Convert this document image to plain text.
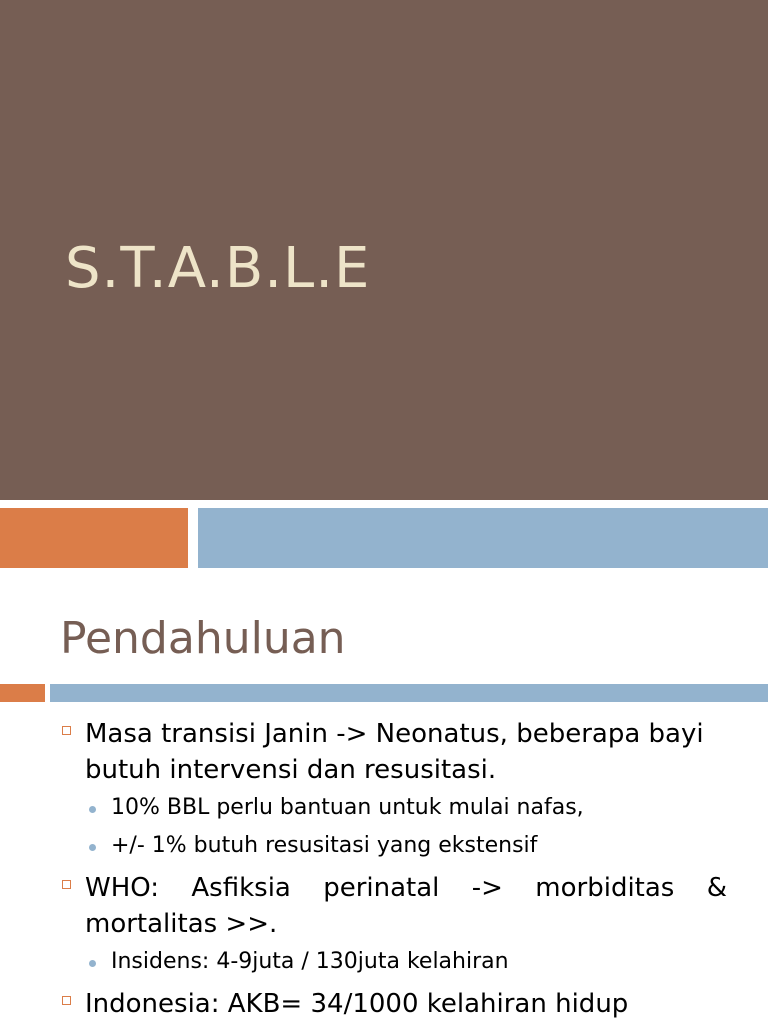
S.T.A.B.L.E
Pendahuluan
Masa transisi Janin -> Neonatus, beberapa bayi butuh intervensi dan resusitasi.
10% BBL perlu bantuan untuk mulai nafas,
+/- 1% butuh resusitasi yang ekstensif
WHO: Asfiksia perinatal -> morbiditas & mortalitas >>.
Insidens: 4-9juta / 130juta kelahiran
Indonesia: AKB= 34/1000 kelahiran hidup
